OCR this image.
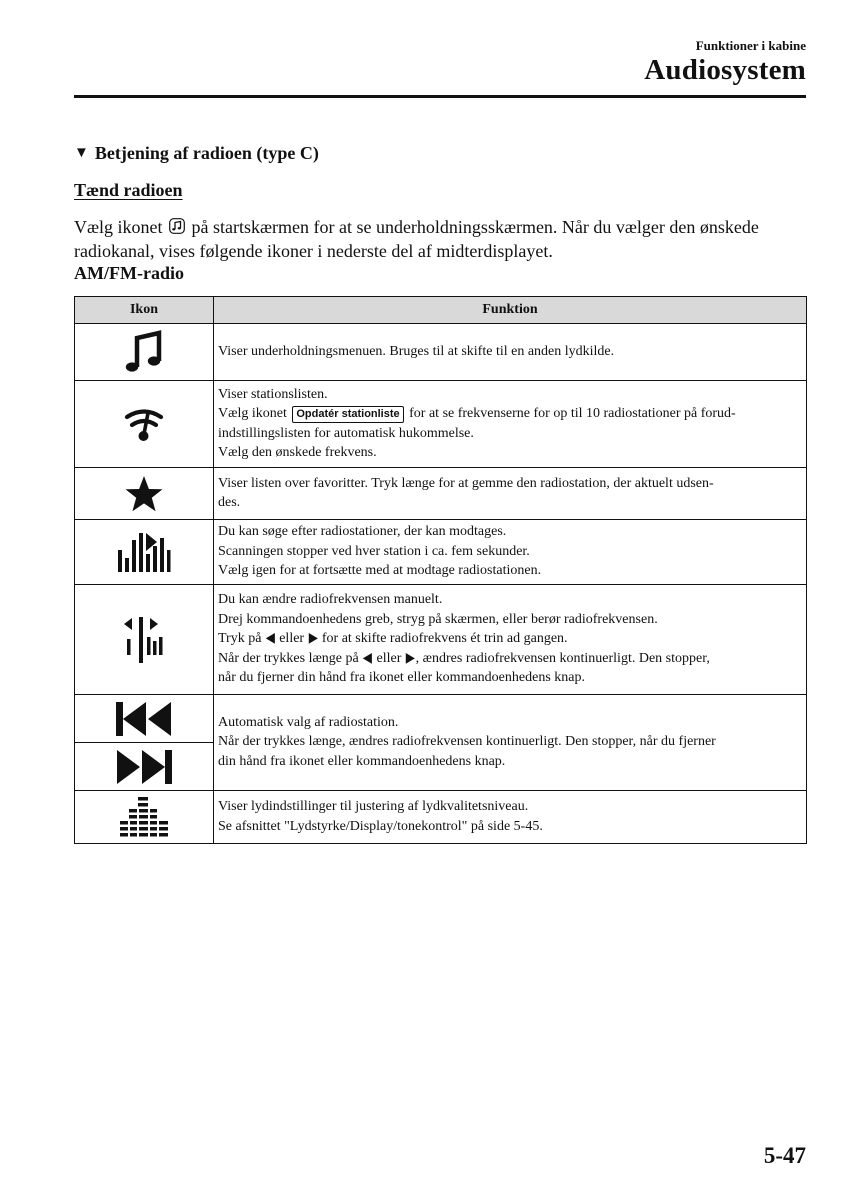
Funktioner i kabine
Audiosystem
▼ Betjening af radioen (type C)
Tænd radioen
Vælg ikonet på startskærmen for at se underholdningsskærmen. Når du vælger den ønskede radiokanal, vises følgende ikoner i nederste del af midterdisplayet.
AM/FM-radio
Ikon	Funktion

Viser underholdningsmenuen. Bruges til at skifte til en anden lydkilde.

Viser stationslisten.
Vælg ikonet Opdatér stationliste for at se frekvenserne for op til 10 radiostationer på forud-
indstillingslisten for automatisk hukommelse.
Vælg den ønskede frekvens.

Viser listen over favoritter. Tryk længe for at gemme den radiostation, der aktuelt udsen-
des.

Du kan søge efter radiostationer, der kan modtages.
Scanningen stopper ved hver station i ca. fem sekunder.
Vælg igen for at fortsætte med at modtage radiostationen.

Du kan ændre radiofrekvensen manuelt.
Drej kommandoenhedens greb, stryg på skærmen, eller berør radiofrekvensen.
Tryk på ◀ eller ▶ for at skifte radiofrekvens ét trin ad gangen.
Når der trykkes længe på ◀ eller ▶, ændres radiofrekvensen kontinuerligt. Den stopper,
når du fjerner din hånd fra ikonet eller kommandoenhedens knap.

Automatisk valg af radiostation.
Når der trykkes længe, ændres radiofrekvensen kontinuerligt. Den stopper, når du fjerner
din hånd fra ikonet eller kommandoenhedens knap.

Viser lydindstillinger til justering af lydkvalitetsniveau.
Se afsnittet "Lydstyrke/Display/tonekontrol" på side 5-45.
5-47
